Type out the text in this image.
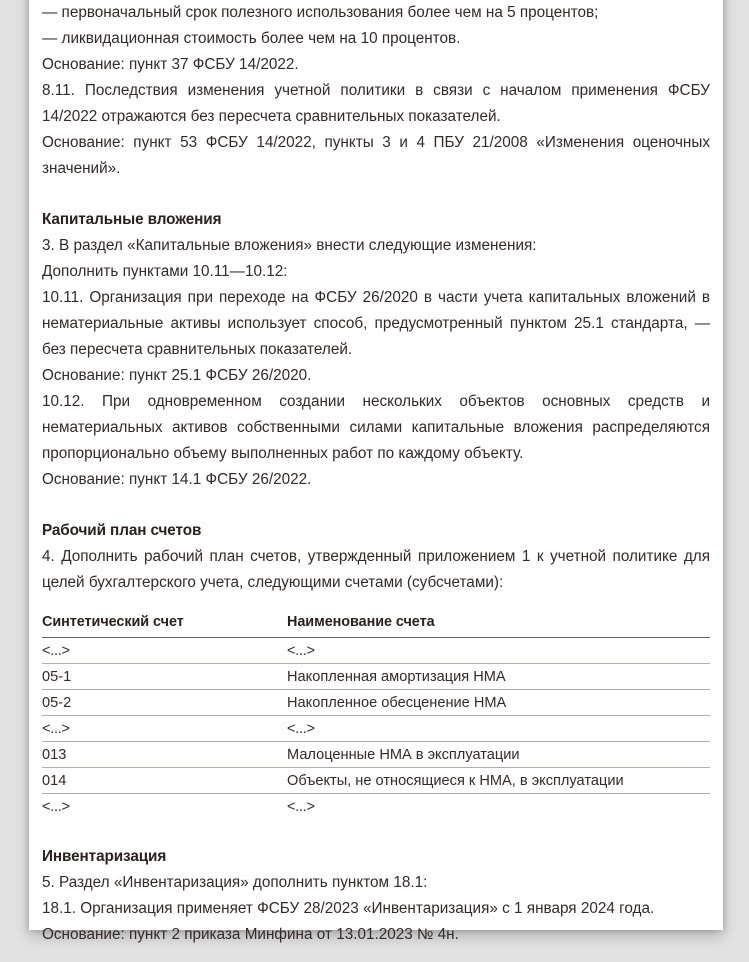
— первоначальный срок полезного использования более чем на 5 процентов;

— ликвидационная стоимость более чем на 10 процентов.

Основание: пункт 37 ФСБУ 14/2022.

8.11. Последствия изменения учетной политики в связи с началом применения ФСБУ 14/2022 отражаются без пересчета сравнительных показателей.

Основание: пункт 53 ФСБУ 14/2022, пункты 3 и 4 ПБУ 21/2008 «Изменения оценочных значений».

Капитальные вложения

3. В раздел «Капитальные вложения» внести следующие изменения:

Дополнить пунктами 10.11—10.12:

10.11. Организация при переходе на ФСБУ 26/2020 в части учета капитальных вложений в нематериальные активы использует способ, предусмотренный пунктом 25.1 стандарта, — без пересчета сравнительных показателей.

Основание: пункт 25.1 ФСБУ 26/2020.

10.12. При одновременном создании нескольких объектов основных средств и нематериальных активов собственными силами капитальные вложения распределяются пропорционально объему выполненных работ по каждому объекту.

Основание: пункт 14.1 ФСБУ 26/2022.

Рабочий план счетов

4. Дополнить рабочий план счетов, утвержденный приложением 1 к учетной политике для целей бухгалтерского учета, следующими счетами (субсчетами):

Синтетический счет	Наименование счета
<...>	<...>
05-1	Накопленная амортизация НМА
05-2	Накопленное обесценение НМА
<...>	<...>
013	Малоценные НМА в эксплуатации
014	Объекты, не относящиеся к НМА, в эксплуатации
<...>	<...>
Инвентаризация

5. Раздел «Инвентаризация» дополнить пунктом 18.1:

18.1. Организация применяет ФСБУ 28/2023 «Инвентаризация» с 1 января 2024 года.

Основание: пункт 2 приказа Минфина от 13.01.2023 № 4н.
